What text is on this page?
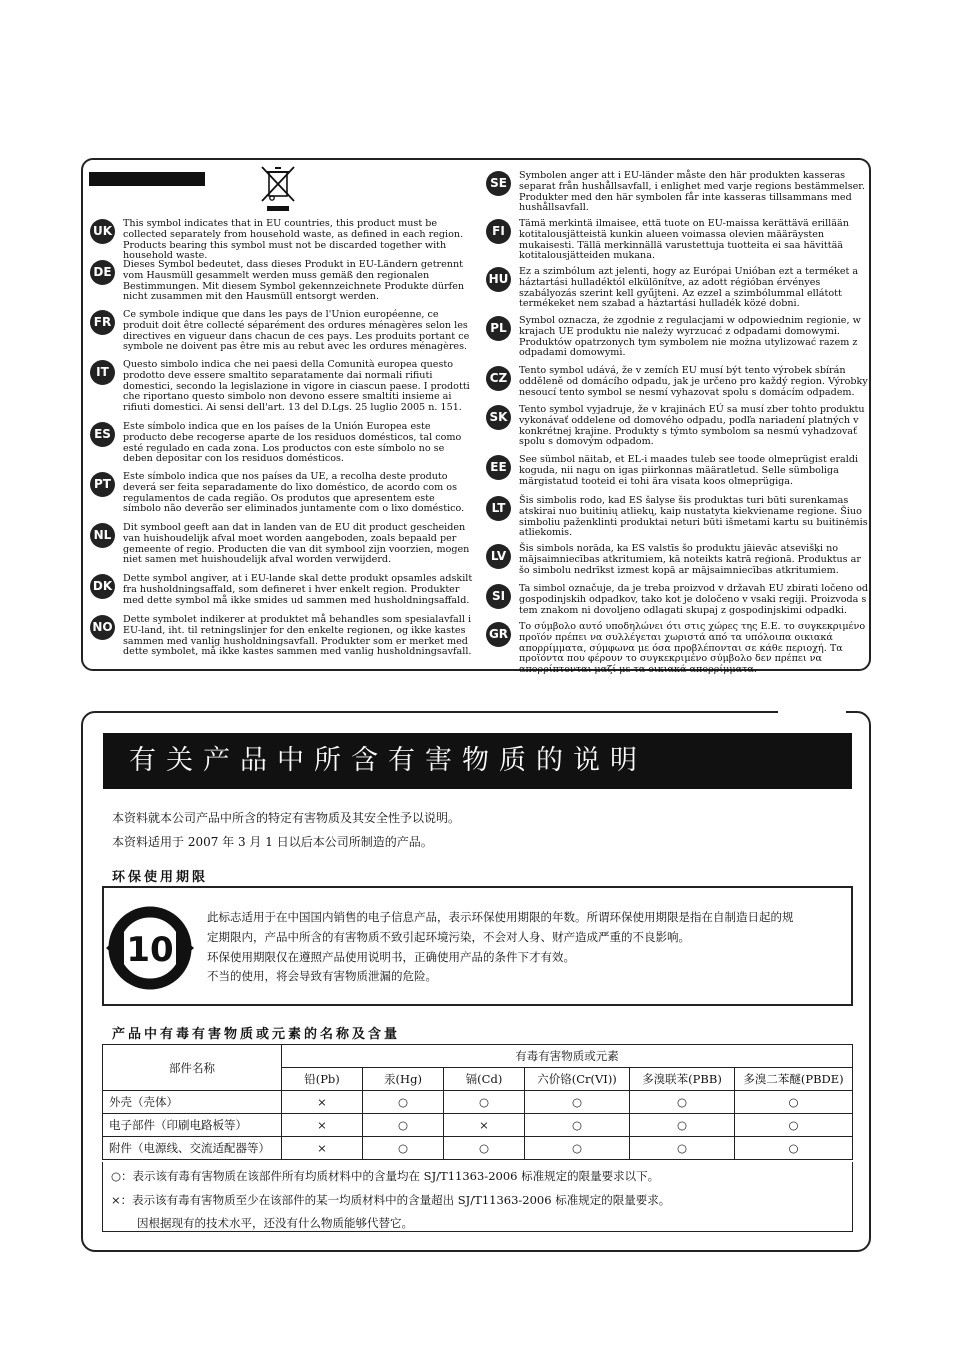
UK
This symbol indicates that in EU countries, this product must be collected separately from household waste, as defined in each region. Products bearing this symbol must not be discarded together with household waste.
DE
Dieses Symbol bedeutet, dass dieses Produkt in EU-Ländern getrennt vom Hausmüll gesammelt werden muss gemäß den regionalen Bestimmungen. Mit diesem Symbol gekennzeichnete Produkte dürfen nicht zusammen mit den Hausmüll entsorgt werden.
FR
Ce symbole indique que dans les pays de l'Union européenne, ce produit doit être collecté séparément des ordures ménagères selon les directives en vigueur dans chacun de ces pays. Les produits portant ce symbole ne doivent pas être mis au rebut avec les ordures ménagères.
IT
Questo simbolo indica che nei paesi della Comunità europea questo prodotto deve essere smaltito separatamente dai normali rifiuti domestici, secondo la legislazione in vigore in ciascun paese. I prodotti che riportano questo simbolo non devono essere smaltiti insieme ai rifiuti domestici. Ai sensi dell'art. 13 del D.Lgs. 25 luglio 2005 n. 151.
ES
Este símbolo indica que en los países de la Unión Europea este producto debe recogerse aparte de los residuos domésticos, tal como esté regulado en cada zona. Los productos con este símbolo no se deben depositar con los residuos domésticos.
PT
Este símbolo indica que nos países da UE, a recolha deste produto deverá ser feita separadamente do lixo doméstico, de acordo com os regulamentos de cada região. Os produtos que apresentem este símbolo não deverão ser eliminados juntamente com o lixo doméstico.
NL
Dit symbool geeft aan dat in landen van de EU dit product gescheiden van huishoudelijk afval moet worden aangeboden, zoals bepaald per gemeente of regio. Producten die van dit symbool zijn voorzien, mogen niet samen met huishoudelijk afval worden verwijderd.
DK
Dette symbol angiver, at i EU-lande skal dette produkt opsamles adskilt fra husholdningsaffald, som defineret i hver enkelt region. Produkter med dette symbol må ikke smides ud sammen med husholdningsaffald.
NO
Dette symbolet indikerer at produktet må behandles som spesialavfall i EU-land, iht. til retningslinjer for den enkelte regionen, og ikke kastes sammen med vanlig husholdningsavfall. Produkter som er merket med dette symbolet, må ikke kastes sammen med vanlig husholdningsavfall.
SE
Symbolen anger att i EU-länder måste den här produkten kasseras separat från hushållsavfall, i enlighet med varje regions bestämmelser. Produkter med den här symbolen får inte kasseras tillsammans med hushållsavfall.
FI
Tämä merkintä ilmaisee, että tuote on EU-maissa kerättävä erillään kotitalousjätteistä kunkin alueen voimassa olevien määräysten mukaisesti. Tällä merkinnällä varustettuja tuotteita ei saa hävittää kotitalousjätteiden mukana.
HU
Ez a szimbólum azt jelenti, hogy az Európai Unióban ezt a terméket a háztartási hulladéktól elkülönítve, az adott régióban érvényes szabályozás szerint kell gyűjteni. Az ezzel a szimbólummal ellátott termékeket nem szabad a háztartási hulladék közé dobni.
PL
Symbol oznacza, że zgodnie z regulacjami w odpowiednim regionie, w krajach UE produktu nie należy wyrzucać z odpadami domowymi. Produktów opatrzonych tym symbolem nie można utylizować razem z odpadami domowymi.
CZ
Tento symbol udává, že v zemích EU musí být tento výrobek sbírán odděleně od domácího odpadu, jak je určeno pro každý region. Výrobky nesoucí tento symbol se nesmí vyhazovat spolu s domácím odpadem.
SK
Tento symbol vyjadruje, že v krajinách EÚ sa musí zber tohto produktu vykonávať oddelene od domového odpadu, podľa nariadení platných v konkrétnej krajine. Produkty s týmto symbolom sa nesmú vyhadzovať spolu s domovým odpadom.
EE
See sümbol näitab, et EL-i maades tuleb see toode olmeprügist eraldi koguda, nii nagu on igas piirkonnas määratletud. Selle sümboliga märgistatud tooteid ei tohi ära visata koos olmeprügiga.
LT
Šis simbolis rodo, kad ES šalyse šis produktas turi būti surenkamas atskirai nuo buitinių atliekų, kaip nustatyta kiekviename regione. Šiuo simboliu paženklinti produktai neturi būti išmetami kartu su buitinėmis atliekomis.
LV
Šis simbols norāda, ka ES valstīs šo produktu jāievāc atsevišķi no mājsaimniecības atkritumiem, kā noteikts katrā reģionā. Produktus ar šo simbolu nedrīkst izmest kopā ar mājsaimniecības atkritumiem.
SI
Ta simbol označuje, da je treba proizvod v državah EU zbirati ločeno od gospodinjskih odpadkov, tako kot je določeno v vsaki regiji. Proizvoda s tem znakom ni dovoljeno odlagati skupaj z gospodinjskimi odpadki.
GR
Το σύμβολο αυτό υποδηλώνει ότι στις χώρες της Ε.Ε. το συγκεκριμένο προϊόν πρέπει να συλλέγεται χωριστά από τα υπόλοιπα οικιακά απορρίμματα, σύμφωνα με όσα προβλέπονται σε κάθε περιοχή. Τα προϊόντα που φέρουν το συγκεκριμένο σύμβολο δεν πρέπει να απορρίπτονται μαζί με τα οικιακά απορρίμματα.
有关产品中所含有害物质的说明
本资料就本公司产品中所含的特定有害物质及其安全性予以说明。
本资料适用于 2007 年 3 月 1 日以后本公司所制造的产品。
环保使用期限
10
此标志适用于在中国国内销售的电子信息产品，表示环保使用期限的年数。所谓环保使用期限是指在自制造日起的规
定期限内，产品中所含的有害物质不致引起环境污染，不会对人身、财产造成严重的不良影响。
环保使用期限仅在遵照产品使用说明书，正确使用产品的条件下才有效。
不当的使用，将会导致有害物质泄漏的危险。
产品中有毒有害物质或元素的名称及含量
部件名称	有毒有害物质或元素					
	铅(Pb)	汞(Hg)	镉(Cd)	六价铬(Cr(VI))	多溴联苯(PBB)	多溴二苯醚(PBDE)
外壳（壳体）	×	○	○	○	○	○
电子部件（印刷电路板等）	×	○	×	○	○	○
附件（电源线、交流适配器等）	×	○	○	○	○	○
○：表示该有毒有害物质在该部件所有均质材料中的含量均在 SJ/T11363-2006 标准规定的限量要求以下。
×：表示该有毒有害物质至少在该部件的某一均质材料中的含量超出 SJ/T11363-2006 标准规定的限量要求。
因根据现有的技术水平，还没有什么物质能够代替它。
